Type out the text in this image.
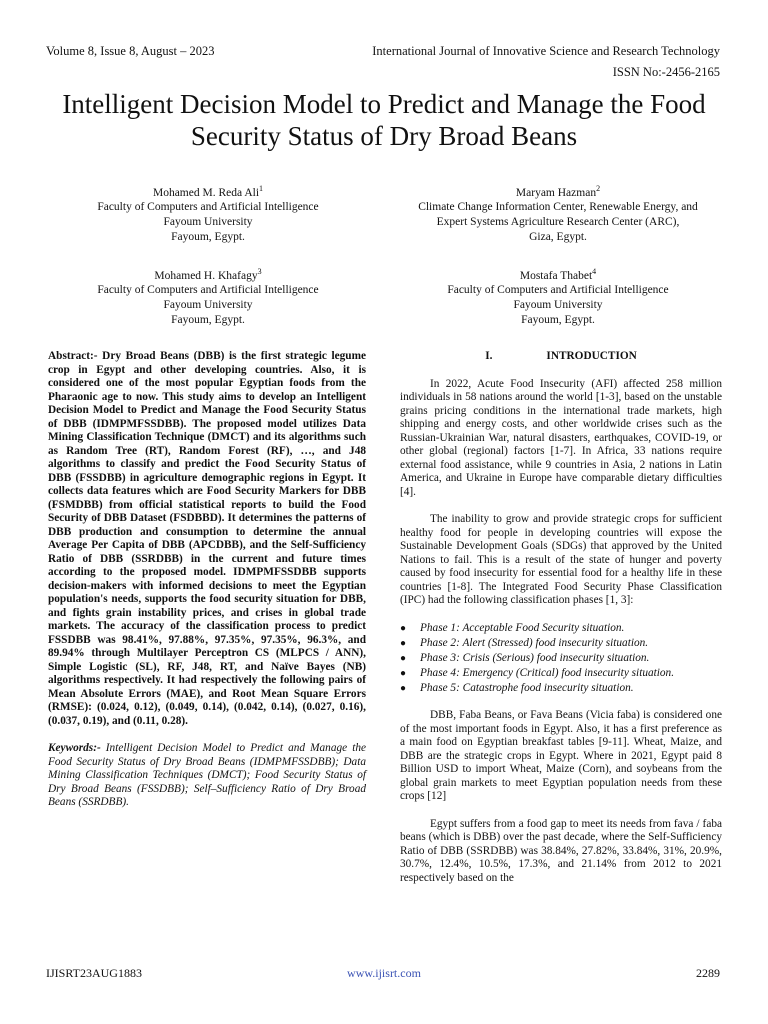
Volume 8, Issue 8, August – 2023	International Journal of Innovative Science and Research Technology
ISSN No:-2456-2165
Intelligent Decision Model to Predict and Manage the Food Security Status of Dry Broad Beans
Mohamed M. Reda Ali$^1$
Faculty of Computers and Artificial Intelligence
Fayoum University
Fayoum, Egypt.
Maryam Hazman$^2$
Climate Change Information Center, Renewable Energy, and
Expert Systems Agriculture Research Center (ARC),
Giza, Egypt.
Mohamed H. Khafagy$^3$
Faculty of Computers and Artificial Intelligence
Fayoum University
Fayoum, Egypt.
Mostafa Thabet$^4$
Faculty of Computers and Artificial Intelligence
Fayoum University
Fayoum, Egypt.

Abstract:- Dry Broad Beans (DBB) is the first strategic legume crop in Egypt and other developing countries. Also, it is considered one of the most popular Egyptian foods from the Pharaonic age to now. This study aims to develop an Intelligent Decision Model to Predict and Manage the Food Security Status of DBB (IDMPMFSSDBB). The proposed model utilizes Data Mining Classification Technique (DMCT) and its algorithms such as Random Tree (RT), Random Forest (RF), …, and J48 algorithms to classify and predict the Food Security Status of DBB (FSSDBB) in agriculture demographic regions in Egypt. It collects data features which are Food Security Markers for DBB (FSMDBB) from official statistical reports to build the Food Security of DBB Dataset (FSDBBD). It determines the patterns of DBB production and consumption to determine the annual Average Per Capita of DBB (APCDBB), and the Self-Sufficiency Ratio of DBB (SSRDBB) in the current and future times according to the proposed model. IDMPMFSSDBB supports decision-makers with informed decisions to meet the Egyptian population's needs, supports the food security situation for DBB, and fights grain instability prices, and crises in global trade markets. The accuracy of the classification process to predict FSSDBB was 98.41%, 97.88%, 97.35%, 97.35%, 96.3%, and 89.94% through Multilayer Perceptron CS (MLPCS / ANN), Simple Logistic (SL), RF, J48, RT, and Naïve Bayes (NB) algorithms respectively. It had respectively the following pairs of Mean Absolute Errors (MAE), and Root Mean Square Errors (RMSE): (0.024, 0.12), (0.049, 0.14), (0.042, 0.14), (0.027, 0.16), (0.037, 0.19), and (0.11, 0.28).

Keywords:- Intelligent Decision Model to Predict and Manage the Food Security Status of Dry Broad Beans (IDMPMFSSDBB); Data Mining Classification Techniques (DMCT); Food Security Status of Dry Broad Beans (FSSDBB); Self–Sufficiency Ratio of Dry Broad Beans (SSRDBB).

I.	INTRODUCTION

In 2022, Acute Food Insecurity (AFI) affected 258 million individuals in 58 nations around the world [1-3], based on the unstable grains pricing conditions in the international trade markets, high shipping and energy costs, and other worldwide crises such as the Russian-Ukrainian War, natural disasters, earthquakes, COVID-19, or other global (regional) factors [1-7]. In Africa, 33 nations require external food assistance, while 9 countries in Asia, 2 nations in Latin America, and Ukraine in Europe have comparable dietary difficulties [4].

The inability to grow and provide strategic crops for sufficient healthy food for people in developing countries will expose the Sustainable Development Goals (SDGs) that approved by the United Nations to fail. This is a result of the state of hunger and poverty caused by food insecurity for essential food for a healthy life in these countries [1-8]. The Integrated Food Security Phase Classification (IPC) had the following classification phases [1, 3]:

● Phase 1: Acceptable Food Security situation.
● Phase 2: Alert (Stressed) food insecurity situation.
● Phase 3: Crisis (Serious) food insecurity situation.
● Phase 4: Emergency (Critical) food insecurity situation.
● Phase 5: Catastrophe food insecurity situation.

DBB, Faba Beans, or Fava Beans (Vicia faba) is considered one of the most important foods in Egypt. Also, it has a first preference as a main food on Egyptian breakfast tables [9-11]. Wheat, Maize, and DBB are the strategic crops in Egypt. Where in 2021, Egypt paid 8 Billion USD to import Wheat, Maize (Corn), and soybeans from the global grain markets to meet Egyptian population needs from these crops [12]

Egypt suffers from a food gap to meet its needs from fava / faba beans (which is DBB) over the past decade, where the Self-Sufficiency Ratio of DBB (SSRDBB) was 38.84%, 27.82%, 33.84%, 31%, 20.9%, 30.7%, 12.4%, 10.5%, 17.3%, and 21.14% from 2012 to 2021 respectively based on the

IJISRT23AUG1883	www.ijisrt.com	2289
